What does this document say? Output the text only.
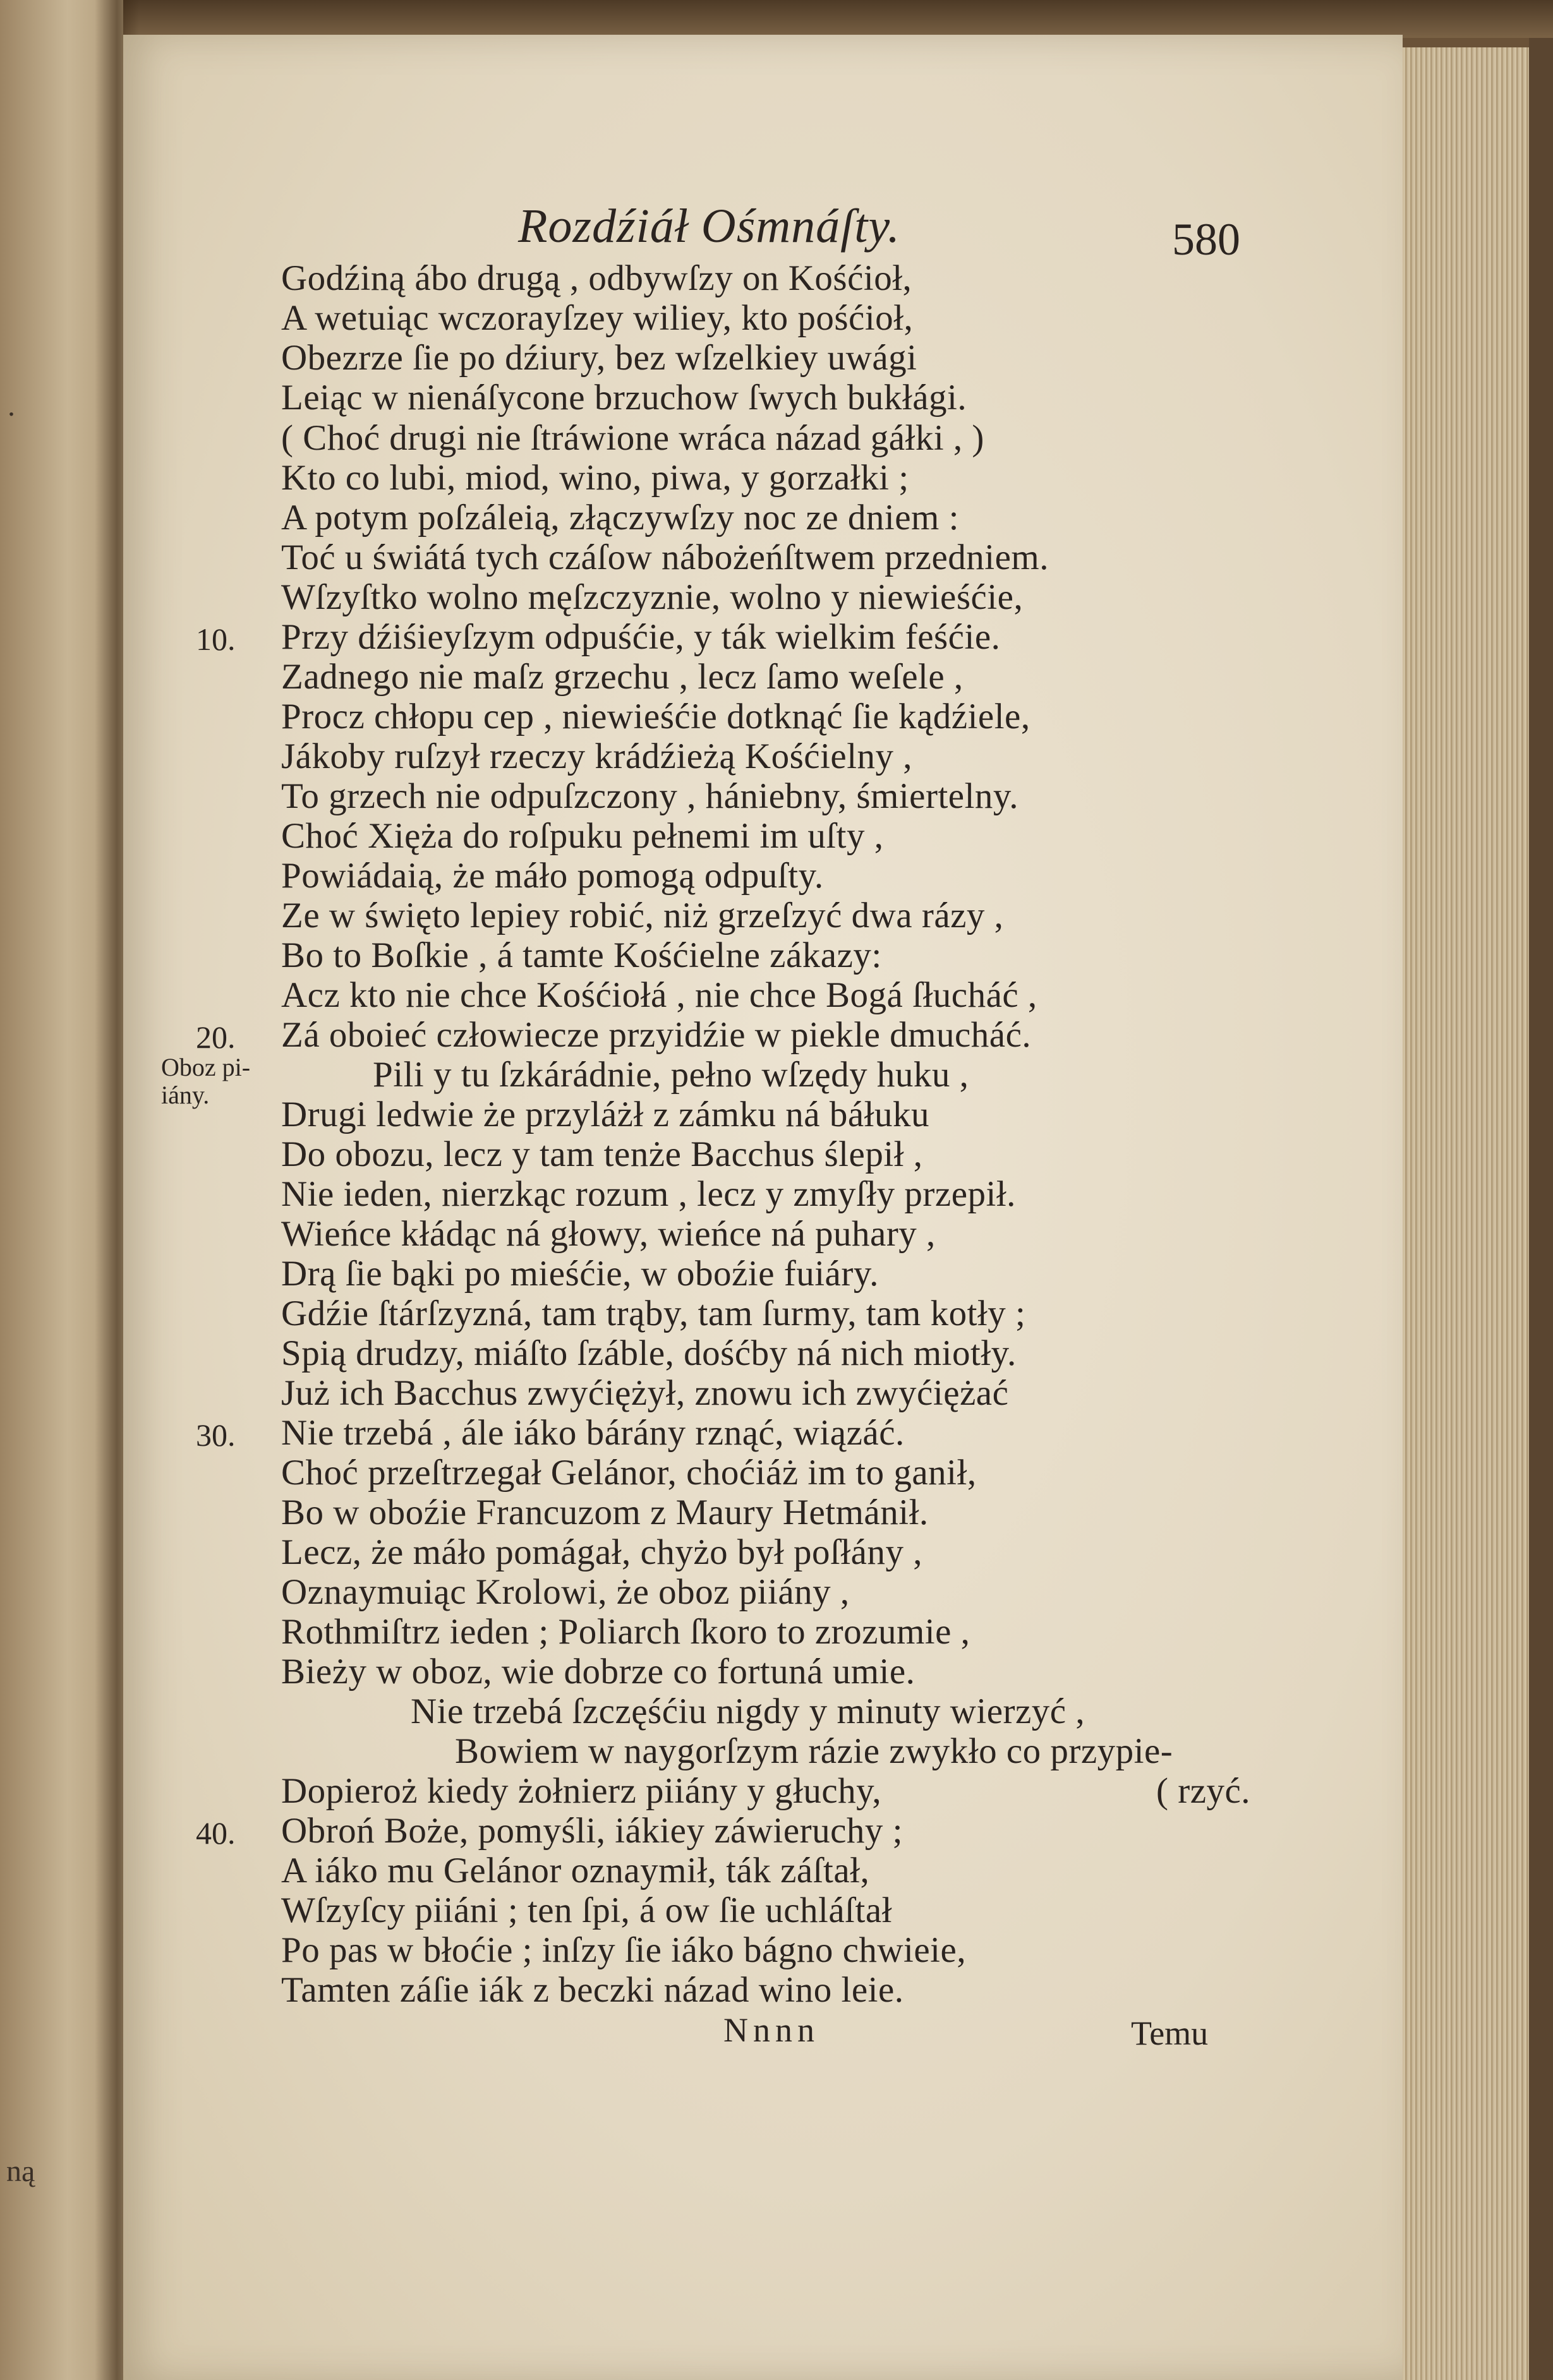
.
ną
Rozdźiáł Ośmnáſty.	580
Godźiną ábo drugą , odbywſzy on Kośćioł,
A wetuiąc wczorayſzey wiliey, kto pośćioł,
Obezrze ſie po dźiury, bez wſzelkiey uwági
Leiąc w nienáſycone brzuchow ſwych bukłági.
( Choć drugi nie ſtráwione wráca názad gáłki , )
Kto co lubi, miod, wino, piwa, y gorzałki ;
A potym poſzáleią, złączywſzy noc ze dniem :
Toć u świátá tych czáſow nábożeńſtwem przedniem.
Wſzyſtko wolno męſzczyznie, wolno y niewieśćie,
Przy dźiśieyſzym odpuśćie, y ták wielkim feśćie.
Zadnego nie maſz grzechu , lecz ſamo weſele ,
Procz chłopu cep , niewieśćie dotknąć ſie kądźiele,
Jákoby ruſzył rzeczy krádźieżą Kośćielny ,
To grzech nie odpuſzczony , hániebny, śmiertelny.
Choć Xięża do roſpuku pełnemi im uſty ,
Powiádaią, że máło pomogą odpuſty.
Ze w święto lepiey robić, niż grzeſzyć dwa rázy ,
Bo to Boſkie , á tamte Kośćielne zákazy:
Acz kto nie chce Kośćiołá , nie chce Bogá ſłucháć ,
Zá oboieć człowiecze przyidźie w piekle dmucháć.
Pili y tu ſzkárádnie, pełno wſzędy huku ,
Drugi ledwie że przyláżł z zámku ná báłuku
Do obozu, lecz y tam tenże Bacchus ślepił ,
Nie ieden, nierzkąc rozum , lecz y zmyſły przepił.
Wieńce kłádąc ná głowy, wieńce ná puhary ,
Drą ſie bąki po mieśćie, w oboźie fuiáry.
Gdźie ſtárſzyzná, tam trąby, tam ſurmy, tam kotły ;
Spią drudzy, miáſto ſzáble, dośćby ná nich miotły.
Już ich Bacchus zwyćiężył, znowu ich zwyćiężać
Nie trzebá , ále iáko bárány rznąć, wiązáć.
Choć przeſtrzegał Gelánor, choćiáż im to ganił,
Bo w oboźie Francuzom z Maury Hetmánił.
Lecz, że máło pomágał, chyżo był poſłány ,
Oznaymuiąc Krolowi, że oboz piiány ,
Rothmiſtrz ieden ; Poliarch ſkoro to zrozumie ,
Bieży w oboz, wie dobrze co fortuná umie.
Nie trzebá ſzczęśćiu nigdy y minuty wierzyć ,
Bowiem w naygorſzym rázie zwykło co przypie-
Dopieroż kiedy żołnierz piiány y głuchy,	( rzyć.
Obroń Boże, pomyśli, iákiey záwieruchy ;
A iáko mu Gelánor oznaymił, ták záſtał,
Wſzyſcy piiáni ; ten ſpi, á ow ſie uchláſtał
Po pas w błoćie ; inſzy ſie iáko bágno chwieie,
Tamten záſie iák z beczki názad wino leie.
10.
20.
30.
40.
Oboz pi-
iány.
Nnnn	Temu
